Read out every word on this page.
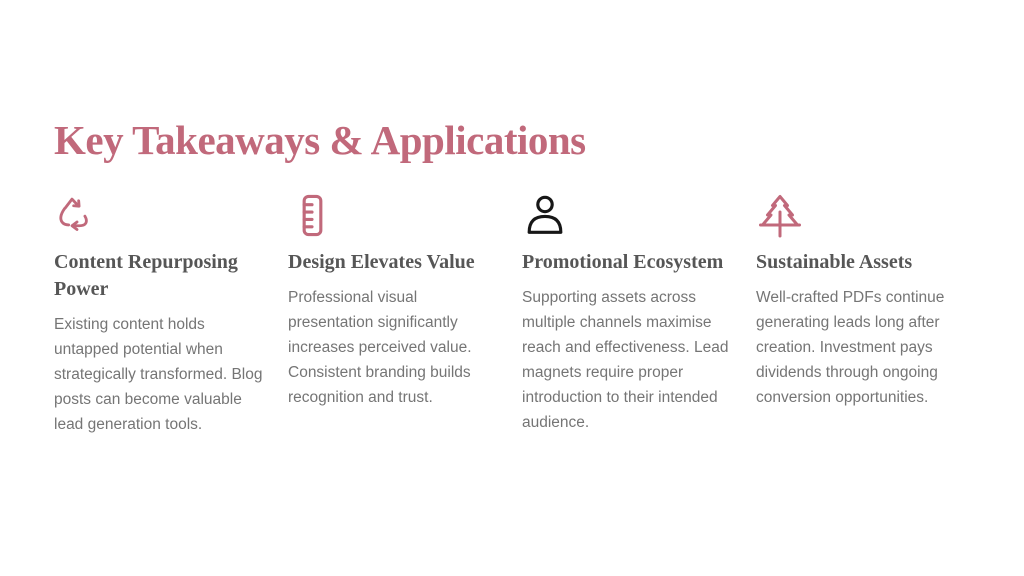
Key Takeaways & Applications
Content Repurposing Power

Existing content holds untapped potential when strategically transformed. Blog posts can become valuable lead generation tools.

Design Elevates Value

Professional visual presentation significantly increases perceived value. Consistent branding builds recognition and trust.

Promotional Ecosystem

Supporting assets across multiple channels maximise reach and effectiveness. Lead magnets require proper introduction to their intended audience.

Sustainable Assets

Well-crafted PDFs continue generating leads long after creation. Investment pays dividends through ongoing conversion opportunities.
